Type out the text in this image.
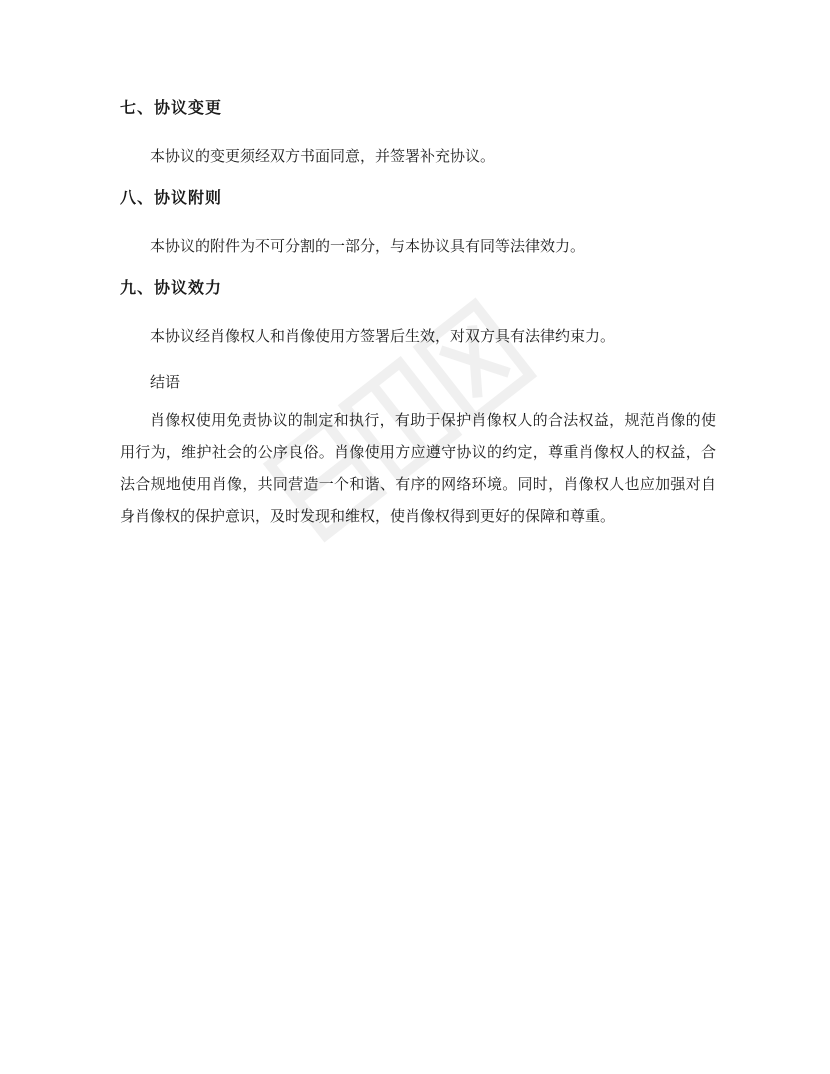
七、协议变更

本协议的变更须经双方书面同意，并签署补充协议。

八、协议附则

本协议的附件为不可分割的一部分，与本协议具有同等法律效力。

九、协议效力

本协议经肖像权人和肖像使用方签署后生效，对双方具有法律约束力。

结语

肖像权使用免责协议的制定和执行，有助于保护肖像权人的合法权益，规范肖像的使用行为，维护社会的公序良俗。肖像使用方应遵守协议的约定，尊重肖像权人的权益，合法合规地使用肖像，共同营造一个和谐、有序的网络环境。同时，肖像权人也应加强对自身肖像权的保护意识，及时发现和维权，使肖像权得到更好的保障和尊重。
